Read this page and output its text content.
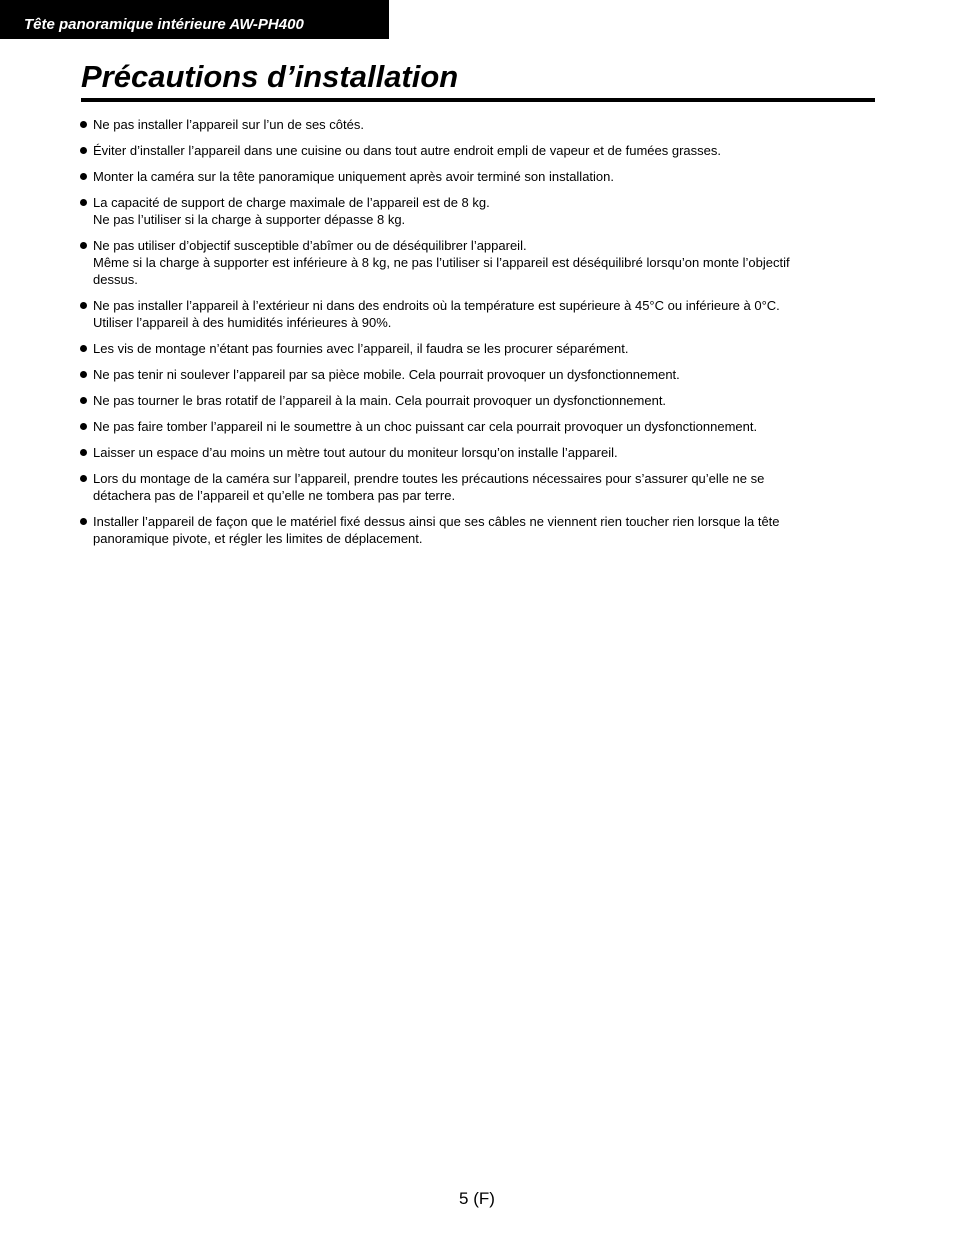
Tête panoramique intérieure AW-PH400
Précautions d’installation
Ne pas installer l’appareil sur l’un de ses côtés.
Éviter d’installer l’appareil dans une cuisine ou dans tout autre endroit empli de vapeur et de fumées grasses.
Monter la caméra sur la tête panoramique uniquement après avoir terminé son installation.
La capacité de support de charge maximale de l’appareil est de 8 kg.
Ne pas l’utiliser si la charge à supporter dépasse 8 kg.
Ne pas utiliser d’objectif susceptible d’abîmer ou de déséquilibrer l’appareil.
Même si la charge à supporter est inférieure à 8 kg, ne pas l’utiliser si l’appareil est déséquilibré lorsqu’on monte l’objectif
dessus.
Ne pas installer l’appareil à l’extérieur ni dans des endroits où la température est supérieure à 45°C ou inférieure à 0°C.
Utiliser l’appareil à des humidités inférieures à 90%.
Les vis de montage n’étant pas fournies avec l’appareil, il faudra se les procurer séparément.
Ne pas tenir ni soulever l’appareil par sa pièce mobile. Cela pourrait provoquer un dysfonctionnement.
Ne pas tourner le bras rotatif de l’appareil à la main. Cela pourrait provoquer un dysfonctionnement.
Ne pas faire tomber l’appareil ni le soumettre à un choc puissant car cela pourrait provoquer un dysfonctionnement.
Laisser un espace d’au moins un mètre tout autour du moniteur lorsqu’on installe l’appareil.
Lors du montage de la caméra sur l’appareil, prendre toutes les précautions nécessaires pour s’assurer qu’elle ne se
détachera pas de l’appareil et qu’elle ne tombera pas par terre.
Installer l’appareil de façon que le matériel fixé dessus ainsi que ses câbles ne viennent rien toucher rien lorsque la tête
panoramique pivote, et régler les limites de déplacement.
5 (F)
